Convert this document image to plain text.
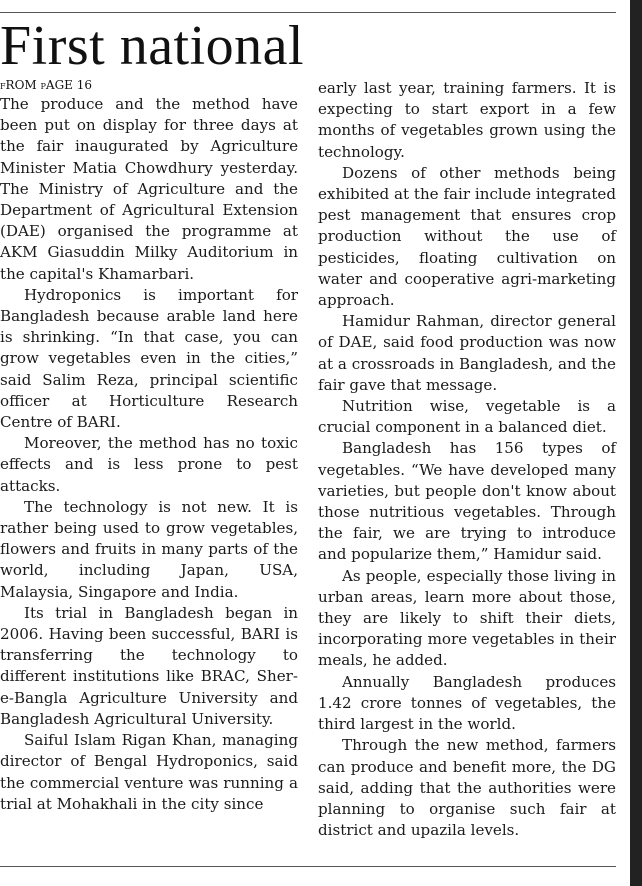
First national
fROM pAGE 16

The produce and the method have been put on display for three days at the fair inaugurated by Agriculture Minister Matia Chowdhury yesterday. The Ministry of Agriculture and the Department of Agricultural Extension (DAE) organised the programme at AKM Giasuddin Milky Auditorium in the capital's Khamarbari.

Hydroponics is important for Bangladesh because arable land here is shrinking. “In that case, you can grow vegetables even in the cities,” said Salim Reza, principal scientific officer at Horticulture Research Centre of BARI.

Moreover, the method has no toxic effects and is less prone to pest attacks.

The technology is not new. It is rather being used to grow vegetables, flowers and fruits in many parts of the world, including Japan, USA, Malaysia, Singapore and India.

Its trial in Bangladesh began in 2006. Having been successful, BARI is transferring the technology to different institutions like BRAC, Sher-e-Bangla Agriculture University and Bangladesh Agricultural University.

Saiful Islam Rigan Khan, managing director of Bengal Hydroponics, said the commercial venture was running a trial at Mohakhali in the city since

early last year, training farmers. It is expecting to start export in a few months of vegetables grown using the technology.

Dozens of other methods being exhibited at the fair include integrated pest management that ensures crop production without the use of pesticides, floating cultivation on water and cooperative agri-marketing approach.

Hamidur Rahman, director general of DAE, said food production was now at a crossroads in Bangladesh, and the fair gave that message.

Nutrition wise, vegetable is a crucial component in a balanced diet.

Bangladesh has 156 types of vegetables. “We have developed many varieties, but people don't know about those nutritious vegetables. Through the fair, we are trying to introduce and popularize them,” Hamidur said.

As people, especially those living in urban areas, learn more about those, they are likely to shift their diets, incorporating more vegetables in their meals, he added.

Annually Bangladesh produces 1.42 crore tonnes of vegetables, the third largest in the world.

Through the new method, farmers can produce and benefit more, the DG said, adding that the authorities were planning to organise such fair at district and upazila levels.
